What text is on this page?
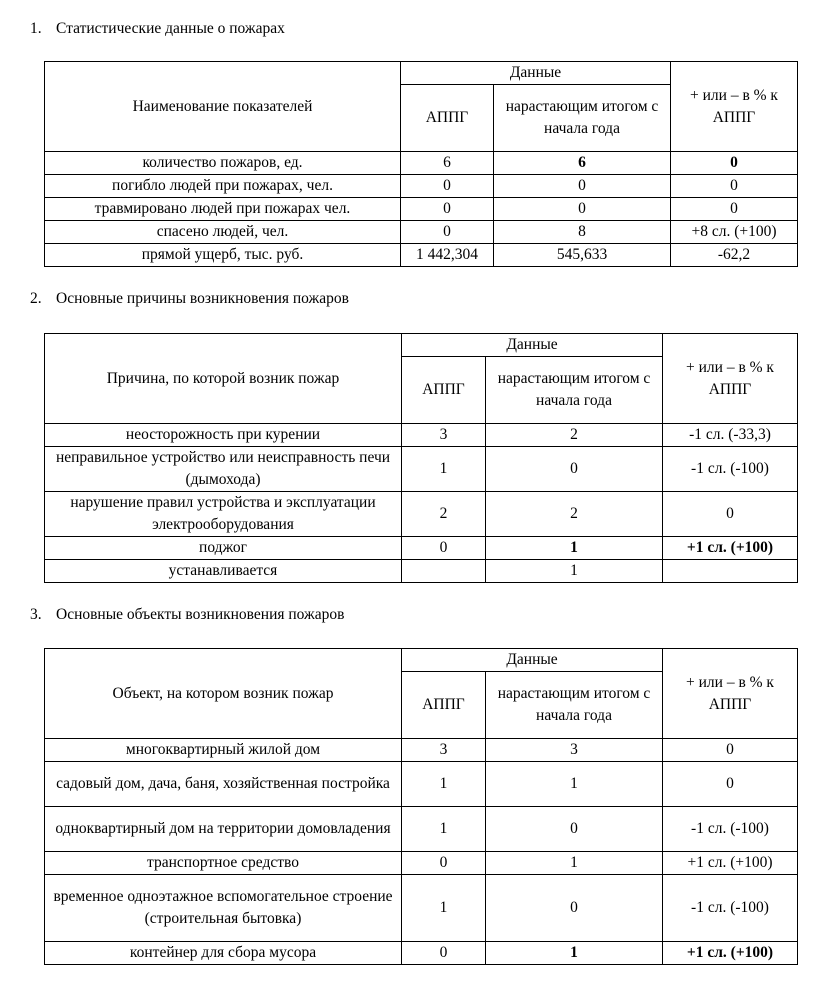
1. Статистические данные о пожарах
Наименование показателей	Данные		+ или – в % к АППГ
	АППГ	нарастающим итогом с начала года	
количество пожаров, ед.	6	6	0
погибло людей при пожарах, чел.	0	0	0
травмировано людей при пожарах чел.	0	0	0
спасено людей, чел.	0	8	+8 сл. (+100)
прямой ущерб, тыс. руб.	1 442,304	545,633	-62,2
2. Основные причины возникновения пожаров
Причина, по которой возник пожар	Данные		+ или – в % к АППГ
	АППГ	нарастающим итогом с начала года	
неосторожность при курении	3	2	-1 сл. (-33,3)
неправильное устройство или неисправность печи (дымохода)	1	0	-1 сл. (-100)
нарушение правил устройства и эксплуатации электрооборудования	2	2	0
поджог	0	1	+1 сл. (+100)
устанавливается		1	
3. Основные объекты возникновения пожаров
Объект, на котором возник пожар	Данные		+ или – в % к АППГ
	АППГ	нарастающим итогом с начала года	
многоквартирный жилой дом	3	3	0
садовый дом, дача, баня, хозяйственная постройка	1	1	0
одноквартирный дом на территории домовладения	1	0	-1 сл. (-100)
транспортное средство	0	1	+1 сл. (+100)
временное одноэтажное вспомогательное строение (строительная бытовка)	1	0	-1 сл. (-100)
контейнер для сбора мусора	0	1	+1 сл. (+100)
